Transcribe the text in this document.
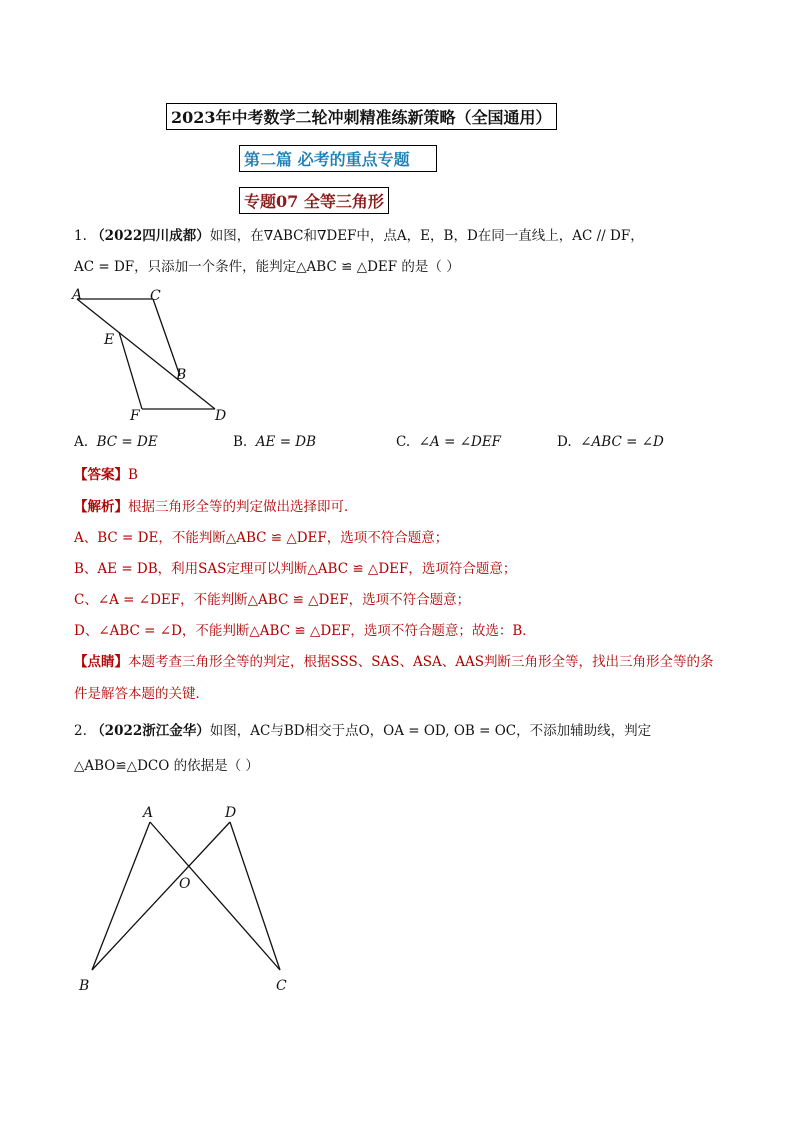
2023年中考数学二轮冲刺精准练新策略（全国通用）
第二篇 必考的重点专题
专题07 全等三角形
1. （2022四川成都）如图，在∇ABC和∇DEF中，点A，E，B，D在同一直线上，AC // DF，
AC = DF，只添加一个条件，能判定△ABC ≌ △DEF 的是（ ）
A	C
E
B
F	D
A. BC = DE	B. AE = DB	C. ∠A = ∠DEF	D. ∠ABC = ∠D
【答案】B
【解析】根据三角形全等的判定做出选择即可．
A、BC = DE，不能判断△ABC ≌ △DEF，选项不符合题意；
B、AE = DB，利用SAS定理可以判断△ABC ≌ △DEF，选项符合题意；
C、∠A = ∠DEF，不能判断△ABC ≌ △DEF，选项不符合题意；
D、∠ABC = ∠D，不能判断△ABC ≌ △DEF，选项不符合题意；故选：B．
【点睛】本题考查三角形全等的判定，根据SSS、SAS、ASA、AAS判断三角形全等，找出三角形全等的条
件是解答本题的关键．
2. （2022浙江金华）如图，AC与BD相交于点O，OA = OD, OB = OC，不添加辅助线，判定
△ABO≌△DCO 的依据是（ ）
A	D
O
B	C
